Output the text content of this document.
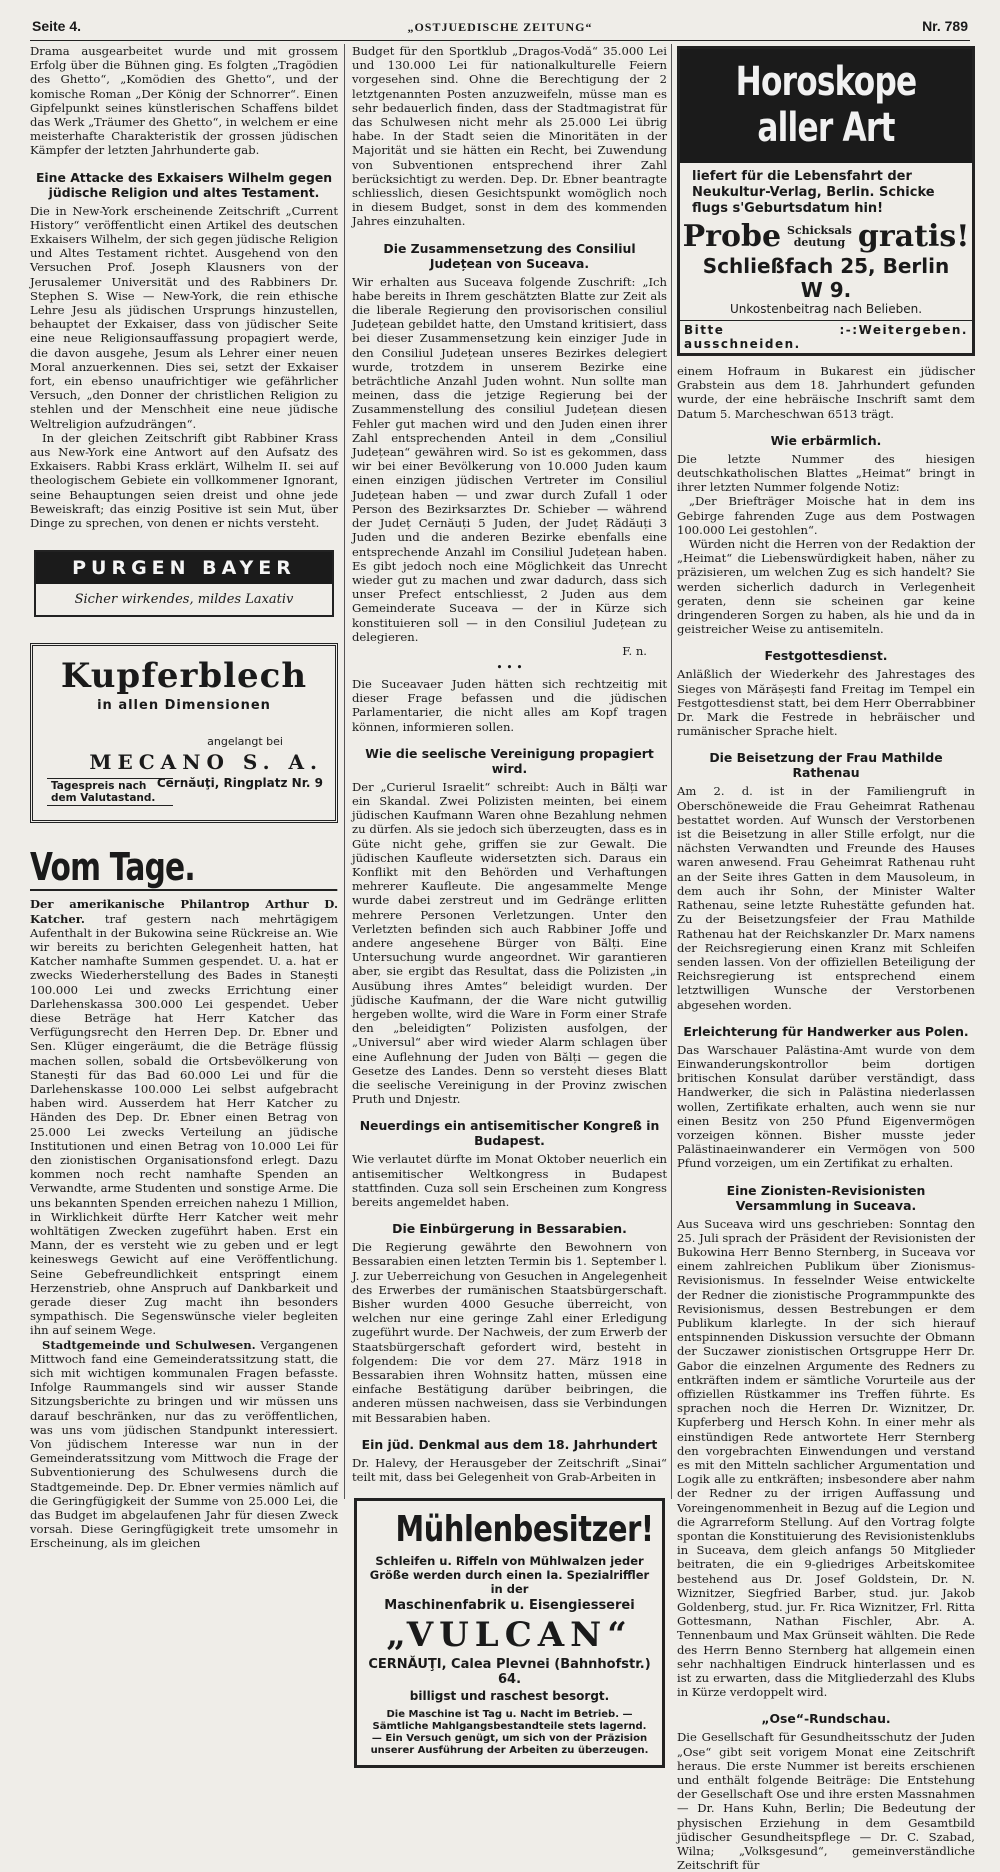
Seite 4.	„OSTJUEDISCHE ZEITUNG“	Nr. 789

Drama ausgearbeitet wurde und mit grossem Erfolg über die Bühnen ging. Es folgten „Tragödien des Ghetto“, „Komödien des Ghetto“, und der komische Roman „Der König der Schnorrer“. Einen Gipfelpunkt seines künstlerischen Schaffens bildet das Werk „Träumer des Ghetto“, in welchem er eine meisterhafte Charakteristik der grossen jüdischen Kämpfer der letzten Jahrhunderte gab.

Eine Attacke des Exkaisers Wilhelm gegen jüdische Religion und altes Testament.

Die in New-York erscheinende Zeitschrift „Current History“ veröffentlicht einen Artikel des deutschen Exkaisers Wilhelm, der sich gegen jüdische Religion und Altes Testament richtet. Ausgehend von den Versuchen Prof. Joseph Klausners von der Jerusalemer Universität und des Rabbiners Dr. Stephen S. Wise — New-York, die rein ethische Lehre Jesu als jüdischen Ursprungs hinzustellen, behauptet der Exkaiser, dass von jüdischer Seite eine neue Religionsauffassung propagiert werde, die davon ausgehe, Jesum als Lehrer einer neuen Moral anzuerkennen. Dies sei, setzt der Exkaiser fort, ein ebenso unaufrichtiger wie gefährlicher Versuch, „den Donner der christlichen Religion zu stehlen und der Menschheit eine neue jüdische Weltreligion aufzudrängen“.

In der gleichen Zeitschrift gibt Rabbiner Krass aus New-York eine Antwort auf den Aufsatz des Exkaisers. Rabbi Krass erklärt, Wilhelm II. sei auf theologischem Gebiete ein vollkommener Ignorant, seine Behauptungen seien dreist und ohne jede Beweiskraft; das einzig Positive ist sein Mut, über Dinge zu sprechen, von denen er nichts versteht.

PURGEN BAYER
Sicher wirkendes, mildes Laxativ
Kupferblech
in allen Dimensionen
angelangt bei
MECANO S. A.
Cernăuţi, Ringplatz Nr. 9
Tagespreis nach dem Valutastand.
Vom Tage.

Der amerikanische Philantrop Arthur D. Katcher. traf gestern nach mehrtägigem Aufenthalt in der Bukowina seine Rückreise an. Wie wir bereits zu berichten Gelegenheit hatten, hat Katcher namhafte Summen gespendet. U. a. hat er zwecks Wiederherstellung des Bades in Stanești 100.000 Lei und zwecks Errichtung einer Darlehenskassa 300.000 Lei gespendet. Ueber diese Beträge hat Herr Katcher das Verfügungsrecht den Herren Dep. Dr. Ebner und Sen. Klüger eingeräumt, die die Beträge flüssig machen sollen, sobald die Ortsbevölkerung von Stanești für das Bad 60.000 Lei und für die Darlehenskasse 100.000 Lei selbst aufgebracht haben wird. Ausserdem hat Herr Katcher zu Händen des Dep. Dr. Ebner einen Betrag von 25.000 Lei zwecks Verteilung an jüdische Institutionen und einen Betrag von 10.000 Lei für den zionistischen Organisationsfond erlegt. Dazu kommen noch recht namhafte Spenden an Verwandte, arme Studenten und sonstige Arme. Die uns bekannten Spenden erreichen nahezu 1 Million, in Wirklichkeit dürfte Herr Katcher weit mehr wohltätigen Zwecken zugeführt haben. Erst ein Mann, der es versteht wie zu geben und er legt keineswegs Gewicht auf eine Veröffentlichung. Seine Gebefreundlichkeit entspringt einem Herzenstrieb, ohne Anspruch auf Dankbarkeit und gerade dieser Zug macht ihn besonders sympathisch. Die Segenswünsche vieler begleiten ihn auf seinem Wege.

Stadtgemeinde und Schulwesen. Vergangenen Mittwoch fand eine Gemeinderatssitzung statt, die sich mit wichtigen kommunalen Fragen befasste. Infolge Raummangels sind wir ausser Stande Sitzungsberichte zu bringen und wir müssen uns darauf beschränken, nur das zu veröffentlichen, was uns vom jüdischen Standpunkt interessiert. Von jüdischem Interesse war nun in der Gemeinderatssitzung vom Mittwoch die Frage der Subventionierung des Schulwesens durch die Stadtgemeinde. Dep. Dr. Ebner vermies nämlich auf die Geringfügigkeit der Summe von 25.000 Lei, die das Budget im abgelaufenen Jahr für diesen Zweck vorsah. Diese Geringfügigkeit trete umsomehr in Erscheinung, als im gleichen

Budget für den Sportklub „Dragos-Vodă“ 35.000 Lei und 130.000 Lei für nationalkulturelle Feiern vorgesehen sind. Ohne die Berechtigung der 2 letztgenannten Posten anzuzweifeln, müsse man es sehr bedauerlich finden, dass der Stadtmagistrat für das Schulwesen nicht mehr als 25.000 Lei übrig habe. In der Stadt seien die Minoritäten in der Majorität und sie hätten ein Recht, bei Zuwendung von Subventionen entsprechend ihrer Zahl berücksichtigt zu werden. Dep. Dr. Ebner beantragte schliesslich, diesen Gesichtspunkt womöglich noch in diesem Budget, sonst in dem des kommenden Jahres einzuhalten.

Die Zusammensetzung des Consiliul Județean von Suceava.

Wir erhalten aus Suceava folgende Zuschrift: „Ich habe bereits in Ihrem geschätzten Blatte zur Zeit als die liberale Regierung den provisorischen consiliul Județean gebildet hatte, den Umstand kritisiert, dass bei dieser Zusammensetzung kein einziger Jude in den Consiliul Județean unseres Bezirkes delegiert wurde, trotzdem in unserem Bezirke eine beträchtliche Anzahl Juden wohnt. Nun sollte man meinen, dass die jetzige Regierung bei der Zusammenstellung des consiliul Județean diesen Fehler gut machen wird und den Juden einen ihrer Zahl entsprechenden Anteil in dem „Consiliul Județean“ gewähren wird. So ist es gekommen, dass wir bei einer Bevölkerung von 10.000 Juden kaum einen einzigen jüdischen Vertreter im Consiliul Județean haben — und zwar durch Zufall 1 oder Person des Bezirksarztes Dr. Schieber — während der Județ Cernăuți 5 Juden, der Județ Rădăuți 3 Juden und die anderen Bezirke ebenfalls eine entsprechende Anzahl im Consiliul Județean haben. Es gibt jedoch noch eine Möglichkeit das Unrecht wieder gut zu machen und zwar dadurch, dass sich unser Prefect entschliesst, 2 Juden aus dem Gemeinderate Suceava — der in Kürze sich konstituieren soll — in den Consiliul Județean zu delegieren.

F. n.
• • •

Die Suceavaer Juden hätten sich rechtzeitig mit dieser Frage befassen und die jüdischen Parlamentarier, die nicht alles am Kopf tragen können, informieren sollen.

Wie die seelische Vereinigung propagiert wird.

Der „Curierul Israelit“ schreibt: Auch in Bălți war ein Skandal. Zwei Polizisten meinten, bei einem jüdischen Kaufmann Waren ohne Bezahlung nehmen zu dürfen. Als sie jedoch sich überzeugten, dass es in Güte nicht gehe, griffen sie zur Gewalt. Die jüdischen Kaufleute widersetzten sich. Daraus ein Konflikt mit den Behörden und Verhaftungen mehrerer Kaufleute. Die angesammelte Menge wurde dabei zerstreut und im Gedränge erlitten mehrere Personen Verletzungen. Unter den Verletzten befinden sich auch Rabbiner Joffe und andere angesehene Bürger von Bălți. Eine Untersuchung wurde angeordnet. Wir garantieren aber, sie ergibt das Resultat, dass die Polizisten „in Ausübung ihres Amtes“ beleidigt wurden. Der jüdische Kaufmann, der die Ware nicht gutwillig hergeben wollte, wird die Ware in Form einer Strafe den „beleidigten“ Polizisten ausfolgen, der „Universul“ aber wird wieder Alarm schlagen über eine Auflehnung der Juden von Bălți — gegen die Gesetze des Landes. Denn so versteht dieses Blatt die seelische Vereinigung in der Provinz zwischen Pruth und Dnjestr.

Neuerdings ein antisemitischer Kongreß in Budapest.

Wie verlautet dürfte im Monat Oktober neuerlich ein antisemitischer Weltkongress in Budapest stattfinden. Cuza soll sein Erscheinen zum Kongress bereits angemeldet haben.

Die Einbürgerung in Bessarabien.

Die Regierung gewährte den Bewohnern von Bessarabien einen letzten Termin bis 1. September l. J. zur Ueberreichung von Gesuchen in Angelegenheit des Erwerbes der rumänischen Staatsbürgerschaft. Bisher wurden 4000 Gesuche überreicht, von welchen nur eine geringe Zahl einer Erledigung zugeführt wurde. Der Nachweis, der zum Erwerb der Staatsbürgerschaft gefordert wird, besteht in folgendem: Die vor dem 27. März 1918 in Bessarabien ihren Wohnsitz hatten, müssen eine einfache Bestätigung darüber beibringen, die anderen müssen nachweisen, dass sie Verbindungen mit Bessarabien haben.

Ein jüd. Denkmal aus dem 18. Jahrhundert

Dr. Halevy, der Herausgeber der Zeitschrift „Sinai“ teilt mit, dass bei Gelegenheit von Grab-Arbeiten in

Mühlenbesitzer!
Schleifen u. Riffeln von Mühlwalzen jeder Größe werden durch einen Ia. Spezialriffler in der
Maschinenfabrik u. Eisengiesserei
„VULCAN“
CERNĂUŢI, Calea Plevnei (Bahnhofstr.) 64.
billigst und raschest besorgt.
Die Maschine ist Tag u. Nacht im Betrieb. — Sämtliche Mahlgangsbestandteile stets lagernd. — Ein Versuch genügt, um sich von der Präzision unserer Ausführung der Arbeiten zu überzeugen.
Horoskope aller Art
liefert für die Lebensfahrt der Neukultur-Verlag, Berlin. Schicke flugs s'Geburtsdatum hin!
Probe Schicksals
deutung gratis!
Schließfach 25, Berlin W 9.
Unkostenbeitrag nach Belieben.
Bitte ausschneiden.
:-: Weitergeben.

einem Hofraum in Bukarest ein jüdischer Grabstein aus dem 18. Jahrhundert gefunden wurde, der eine hebräische Inschrift samt dem Datum 5. Marcheschwan 6513 trägt.

Wie erbärmlich.

Die letzte Nummer des hiesigen deutschkatholischen Blattes „Heimat“ bringt in ihrer letzten Nummer folgende Notiz:

„Der Briefträger Moische hat in dem ins Gebirge fahrenden Zuge aus dem Postwagen 100.000 Lei gestohlen“.

Würden nicht die Herren von der Redaktion der „Heimat“ die Liebenswürdigkeit haben, näher zu präzisieren, um welchen Zug es sich handelt? Sie werden sicherlich dadurch in Verlegenheit geraten, denn sie scheinen gar keine dringenderen Sorgen zu haben, als hie und da in geistreicher Weise zu antisemiteln.

Festgottesdienst.

Anläßlich der Wiederkehr des Jahrestages des Sieges von Mărășești fand Freitag im Tempel ein Festgottesdienst statt, bei dem Herr Oberrabbiner Dr. Mark die Festrede in hebräischer und rumänischer Sprache hielt.

Die Beisetzung der Frau Mathilde Rathenau

Am 2. d. ist in der Familiengruft in Oberschöneweide die Frau Geheimrat Rathenau bestattet worden. Auf Wunsch der Verstorbenen ist die Beisetzung in aller Stille erfolgt, nur die nächsten Verwandten und Freunde des Hauses waren anwesend. Frau Geheimrat Rathenau ruht an der Seite ihres Gatten in dem Mausoleum, in dem auch ihr Sohn, der Minister Walter Rathenau, seine letzte Ruhestätte gefunden hat. Zu der Beisetzungsfeier der Frau Mathilde Rathenau hat der Reichskanzler Dr. Marx namens der Reichsregierung einen Kranz mit Schleifen senden lassen. Von der offiziellen Beteiligung der Reichsregierung ist entsprechend einem letztwilligen Wunsche der Verstorbenen abgesehen worden.

Erleichterung für Handwerker aus Polen.

Das Warschauer Palästina-Amt wurde von dem Einwanderungskontrollor beim dortigen britischen Konsulat darüber verständigt, dass Handwerker, die sich in Palästina niederlassen wollen, Zertifikate erhalten, auch wenn sie nur einen Besitz von 250 Pfund Eigenvermögen vorzeigen können. Bisher musste jeder Palästinaeinwanderer ein Vermögen von 500 Pfund vorzeigen, um ein Zertifikat zu erhalten.

Eine Zionisten-Revisionisten Versammlung in Suceava.

Aus Suceava wird uns geschrieben: Sonntag den 25. Juli sprach der Präsident der Revisionisten der Bukowina Herr Benno Sternberg, in Suceava vor einem zahlreichen Publikum über Zionismus-Revisionismus. In fesselnder Weise entwickelte der Redner die zionistische Programmpunkte des Revisionismus, dessen Bestrebungen er dem Publikum klarlegte. In der sich hierauf entspinnenden Diskussion versuchte der Obmann der Suczawer zionistischen Ortsgruppe Herr Dr. Gabor die einzelnen Argumente des Redners zu entkräften indem er sämtliche Vorurteile aus der offiziellen Rüstkammer ins Treffen führte. Es sprachen noch die Herren Dr. Wiznitzer, Dr. Kupferberg und Hersch Kohn. In einer mehr als einstündigen Rede antwortete Herr Sternberg den vorgebrachten Einwendungen und verstand es mit den Mitteln sachlicher Argumentation und Logik alle zu entkräften; insbesondere aber nahm der Redner zu der irrigen Auffassung und Voreingenommenheit in Bezug auf die Legion und die Agrarreform Stellung. Auf den Vortrag folgte spontan die Konstituierung des Revisionistenklubs in Suceava, dem gleich anfangs 50 Mitglieder beitraten, die ein 9-gliedriges Arbeitskomitee bestehend aus Dr. Josef Goldstein, Dr. N. Wiznitzer, Siegfried Barber, stud. jur. Jakob Goldenberg, stud. jur. Fr. Rica Wiznitzer, Frl. Ritta Gottesmann, Nathan Fischler, Abr. A. Tennenbaum und Max Grünseit wählten. Die Rede des Herrn Benno Sternberg hat allgemein einen sehr nachhaltigen Eindruck hinterlassen und es ist zu erwarten, dass die Mitgliederzahl des Klubs in Kürze verdoppelt wird.

„Ose“-Rundschau.

Die Gesellschaft für Gesundheitsschutz der Juden „Ose“ gibt seit vorigem Monat eine Zeitschrift heraus. Die erste Nummer ist bereits erschienen und enthält folgende Beiträge: Die Entstehung der Gesellschaft Ose und ihre ersten Massnahmen — Dr. Hans Kuhn, Berlin; Die Bedeutung der physischen Erziehung in dem Gesamtbild jüdischer Gesundheitspflege — Dr. C. Szabad, Wilna; „Volksgesund“, gemeinverständliche Zeitschrift für
